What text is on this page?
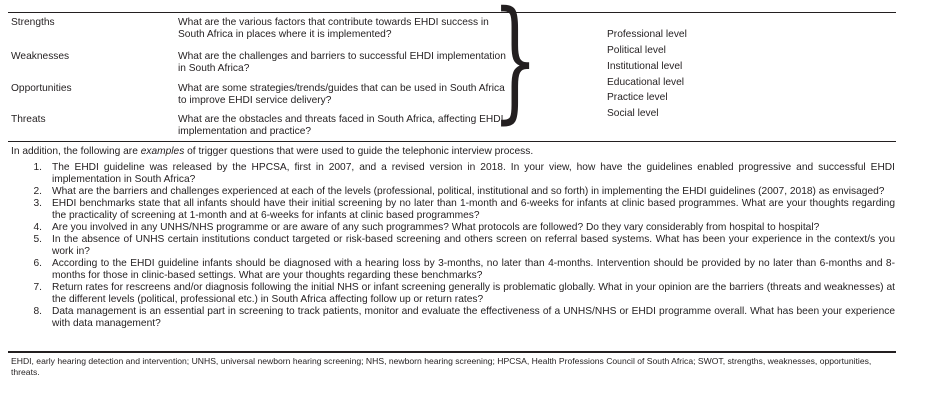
Strengths	What are the various factors that contribute towards EHDI success in South Africa in places where it is implemented?
Weaknesses	What are the challenges and barriers to successful EHDI implementation in South Africa?
Opportunities	What are some strategies/trends/guides that can be used in South Africa to improve EHDI service delivery?
Threats	What are the obstacles and threats faced in South Africa, affecting EHDI implementation and practice?	}	Professional level
Political level
Institutional level
Educational level
Practice level
Social level
In addition, the following are examples of trigger questions that were used to guide the telephonic interview process.
1. The EHDI guideline was released by the HPCSA, first in 2007, and a revised version in 2018. In your view, how have the guidelines enabled progressive and successful EHDI implementation in South Africa?
2. What are the barriers and challenges experienced at each of the levels (professional, political, institutional and so forth) in implementing the EHDI guidelines (2007, 2018) as envisaged?
3. EHDI benchmarks state that all infants should have their initial screening by no later than 1-month and 6-weeks for infants at clinic based programmes. What are your thoughts regarding the practicality of screening at 1-month and at 6-weeks for infants at clinic based programmes?
4. Are you involved in any UNHS/NHS programme or are aware of any such programmes? What protocols are followed? Do they vary considerably from hospital to hospital?
5. In the absence of UNHS certain institutions conduct targeted or risk-based screening and others screen on referral based systems. What has been your experience in the context/s you work in?
6. According to the EHDI guideline infants should be diagnosed with a hearing loss by 3-months, no later than 4-months. Intervention should be provided by no later than 6-months and 8-months for those in clinic-based settings. What are your thoughts regarding these benchmarks?
7. Return rates for rescreens and/or diagnosis following the initial NHS or infant screening generally is problematic globally. What in your opinion are the barriers (threats and weaknesses) at the different levels (political, professional etc.) in South Africa affecting follow up or return rates?
8. Data management is an essential part in screening to track patients, monitor and evaluate the effectiveness of a UNHS/NHS or EHDI programme overall. What has been your experience with data management?
EHDI, early hearing detection and intervention; UNHS, universal newborn hearing screening; NHS, newborn hearing screening; HPCSA, Health Professions Council of South Africa; SWOT, strengths, weaknesses, opportunities, threats.
